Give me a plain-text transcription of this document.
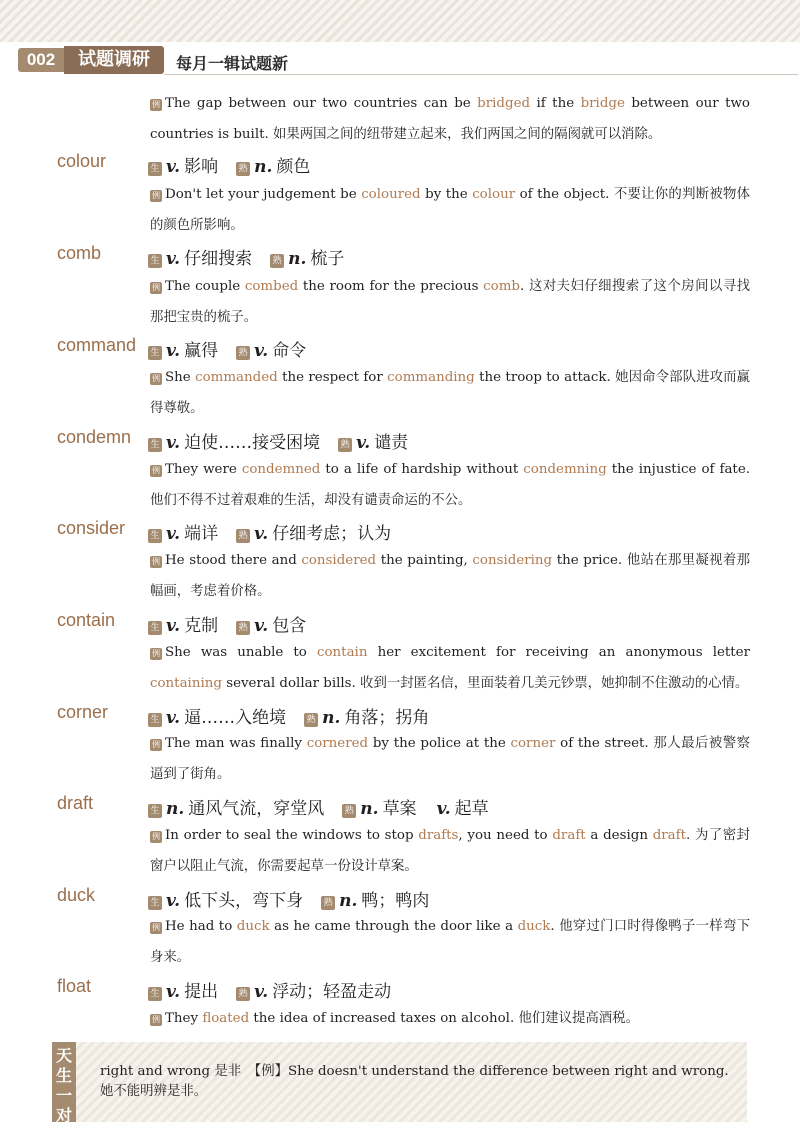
002	试题调研	每月一辑试题新
例 The gap between our two countries can be bridged if the bridge between our two countries is built. 如果两国之间的纽带建立起来，我们两国之间的隔阂就可以消除。
colour	生 v. 影响 熟 n. 颜色
例 Don't let your judgement be coloured by the colour of the object. 不要让你的判断被物体的颜色所影响。
comb	生 v. 仔细搜索 熟 n. 梳子
例 The couple combed the room for the precious comb. 这对夫妇仔细搜索了这个房间以寻找那把宝贵的梳子。
command 生 v. 赢得 熟 v. 命令
例 She commanded the respect for commanding the troop to attack. 她因命令部队进攻而赢得尊敬。
condemn 生 v. 迫使……接受困境 熟 v. 谴责
例 They were condemned to a life of hardship without condemning the injustice of fate. 他们不得不过着艰难的生活，却没有谴责命运的不公。
consider	生 v. 端详 熟 v. 仔细考虑；认为
例 He stood there and considered the painting, considering the price. 他站在那里凝视着那幅画，考虑着价格。
contain	生 v. 克制 熟 v. 包含
例 She was unable to contain her excitement for receiving an anonymous letter containing several dollar bills. 收到一封匿名信，里面装着几美元钞票，她抑制不住激动的心情。
corner	生 v. 逼……入绝境 熟 n. 角落；拐角
例 The man was finally cornered by the police at the corner of the street. 那人最后被警察逼到了街角。
draft	生 n. 通风气流，穿堂风 熟 n. 草案 v. 起草
例 In order to seal the windows to stop drafts, you need to draft a design draft. 为了密封窗户以阻止气流，你需要起草一份设计草案。
duck	生 v. 低下头，弯下身 熟 n. 鸭；鸭肉
例 He had to duck as he came through the door like a duck. 他穿过门口时得像鸭子一样弯下身来。
float	生 v. 提出 熟 v. 浮动；轻盈走动
例 They floated the idea of increased taxes on alcohol. 他们建议提高酒税。
天
生
一
对
right and wrong 是非　【例】She doesn't understand the difference between right and wrong. 她不能明辨是非。
